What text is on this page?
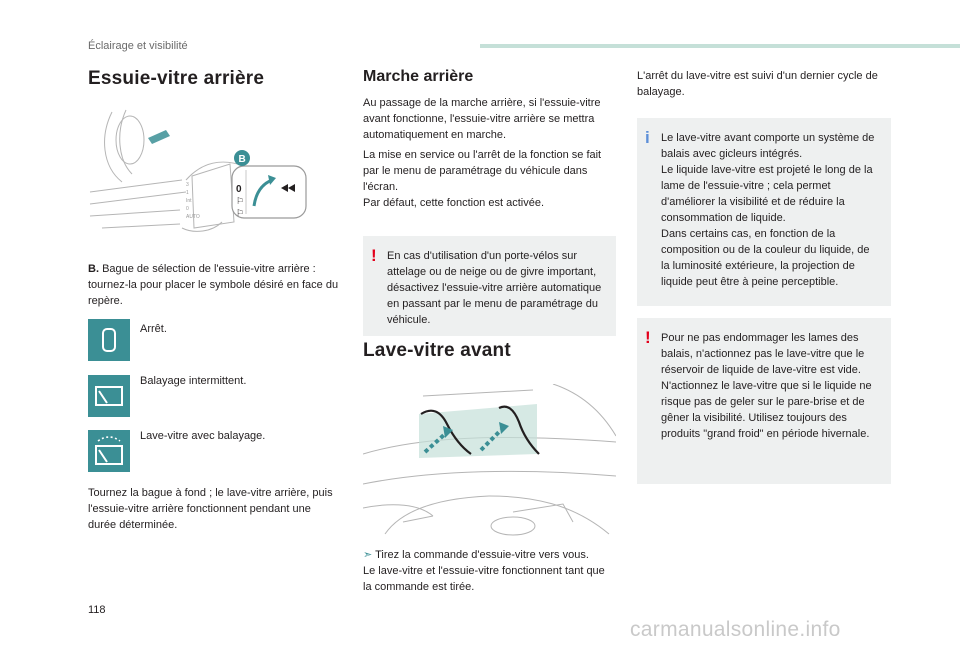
Éclairage et visibilité
Essuie-vitre arrière
3
1
Int
0
AUTO
0
⚐
⚐
B
B. Bague de sélection de l'essuie-vitre arrière : tournez-la pour placer le symbole désiré en face du repère.
Arrêt.
Balayage intermittent.
Lave-vitre avec balayage.
Tournez la bague à fond ; le lave-vitre arrière, puis l'essuie-vitre arrière fonctionnent pendant une durée déterminée.
Marche arrière
Au passage de la marche arrière, si l'essuie-vitre avant fonctionne, l'essuie-vitre arrière se mettra automatiquement en marche.
La mise en service ou l'arrêt de la fonction se fait par le menu de paramétrage du véhicule dans l'écran.
Par défaut, cette fonction est activée.
! En cas d'utilisation d'un porte-vélos sur attelage ou de neige ou de givre important, désactivez l'essuie-vitre arrière automatique en passant par le menu de paramétrage du véhicule.
Lave-vitre avant
➣ Tirez la commande d'essuie-vitre vers vous.
Le lave-vitre et l'essuie-vitre fonctionnent tant que la commande est tirée.
L'arrêt du lave-vitre est suivi d'un dernier cycle de balayage.
i Le lave-vitre avant comporte un système de balais avec gicleurs intégrés.
Le liquide lave-vitre est projeté le long de la lame de l'essuie-vitre ; cela permet d'améliorer la visibilité et de réduire la consommation de liquide.
Dans certains cas, en fonction de la composition ou de la couleur du liquide, de la luminosité extérieure, la projection de liquide peut être à peine perceptible.
! Pour ne pas endommager les lames des balais, n'actionnez pas le lave-vitre que le réservoir de liquide de lave-vitre est vide.
N'actionnez le lave-vitre que si le liquide ne risque pas de geler sur le pare-brise et de gêner la visibilité. Utilisez toujours des produits "grand froid" en période hivernale.
118
carmanualsonline.info
